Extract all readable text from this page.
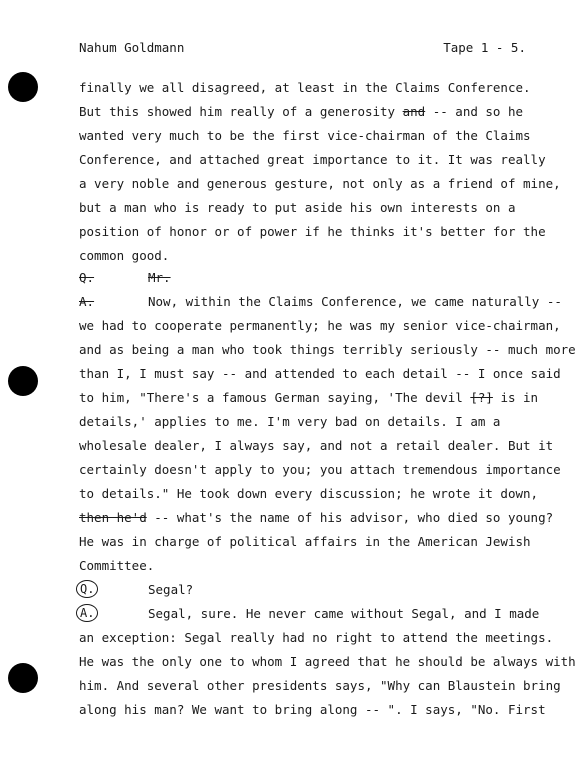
Nahum Goldmann	Tape 1 - 5.
finally we all disagreed, at least in the Claims Conference.
But this showed him really of a generosity and -- and so he
wanted very much to be the first vice-chairman of the Claims
Conference, and attached great importance to it. It was really
a very noble and generous gesture, not only as a friend of mine,
but a man who is ready to put aside his own interests on a
position of honor or of power if he thinks it's better for the
common good.
Q.	Mr.
A.	Now, within the Claims Conference, we came naturally --
we had to cooperate permanently; he was my senior vice-chairman,
and as being a man who took things terribly seriously -- much more
than I, I must say -- and attended to each detail -- I once said
to him, "There's a famous German saying, 'The devil [?] is in
details,' applies to me. I'm very bad on details. I am a
wholesale dealer, I always say, and not a retail dealer. But it
certainly doesn't apply to you; you attach tremendous importance
to details." He took down every discussion; he wrote it down,
then he'd -- what's the name of his advisor, who died so young?
He was in charge of political affairs in the American Jewish
Committee.
Q.	Segal?
A.	Segal, sure. He never came without Segal, and I made
an exception: Segal really had no right to attend the meetings.
He was the only one to whom I agreed that he should be always with
him. And several other presidents says, "Why can Blaustein bring
along his man? We want to bring along -- ". I says, "No. First
